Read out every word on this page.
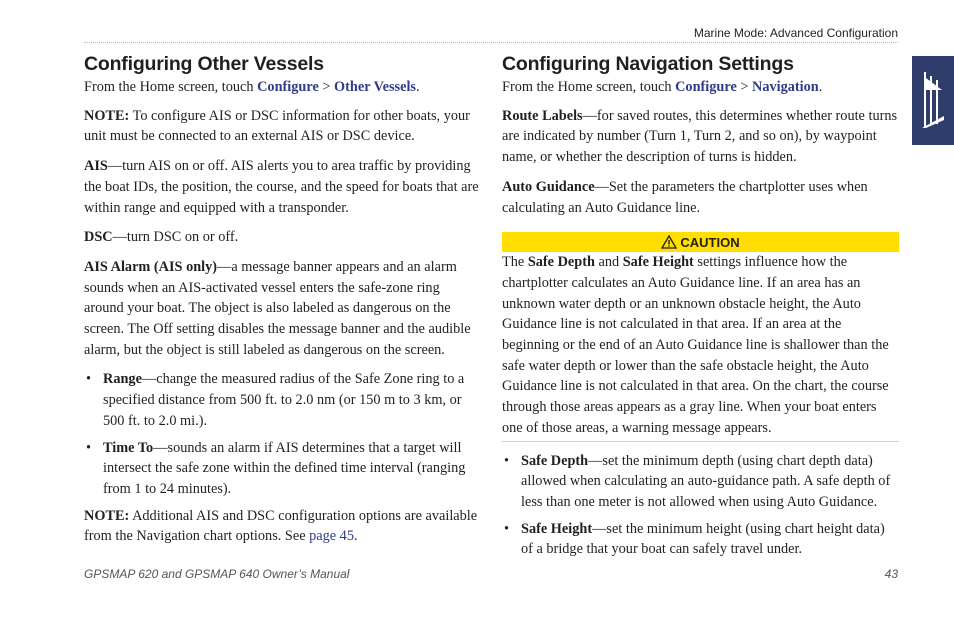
Marine Mode: Advanced Configuration
Configuring Other Vessels

From the Home screen, touch Configure > Other Vessels.

NOTE: To configure AIS or DSC information for other boats, your unit must be connected to an external AIS or DSC device.

AIS—turn AIS on or off. AIS alerts you to area traffic by providing the boat IDs, the position, the course, and the speed for boats that are within range and equipped with a transponder.

DSC—turn DSC on or off.

AIS Alarm (AIS only)—a message banner appears and an alarm sounds when an AIS-activated vessel enters the safe-zone ring around your boat. The object is also labeled as dangerous on the screen. The Off setting disables the message banner and the audible alarm, but the object is still labeled as dangerous on the screen.

• Range—change the measured radius of the Safe Zone ring to a specified distance from 500 ft. to 2.0 nm (or 150 m to 3 km, or 500 ft. to 2.0 mi.).
• Time To—sounds an alarm if AIS determines that a target will intersect the safe zone within the defined time interval (ranging from 1 to 24 minutes).

NOTE: Additional AIS and DSC configuration options are available from the Navigation chart options. See page 45.

Configuring Navigation Settings

From the Home screen, touch Configure > Navigation.

Route Labels—for saved routes, this determines whether route turns are indicated by number (Turn 1, Turn 2, and so on), by waypoint name, or whether the description of turns is hidden.

Auto Guidance—Set the parameters the chartplotter uses when calculating an Auto Guidance line.

CAUTION

The Safe Depth and Safe Height settings influence how the chartplotter calculates an Auto Guidance line. If an area has an unknown water depth or an unknown obstacle height, the Auto Guidance line is not calculated in that area. If an area at the beginning or the end of an Auto Guidance line is shallower than the safe water depth or lower than the safe obstacle height, the Auto Guidance line is not calculated in that area. On the chart, the course through those areas appears as a gray line. When your boat enters one of those areas, a warning message appears.

• Safe Depth—set the minimum depth (using chart depth data) allowed when calculating an auto-guidance path. A safe depth of less than one meter is not allowed when using Auto Guidance.
• Safe Height—set the minimum height (using chart height data) of a bridge that your boat can safely travel under.
GPSMAP 620 and GPSMAP 640 Owner’s Manual	43
